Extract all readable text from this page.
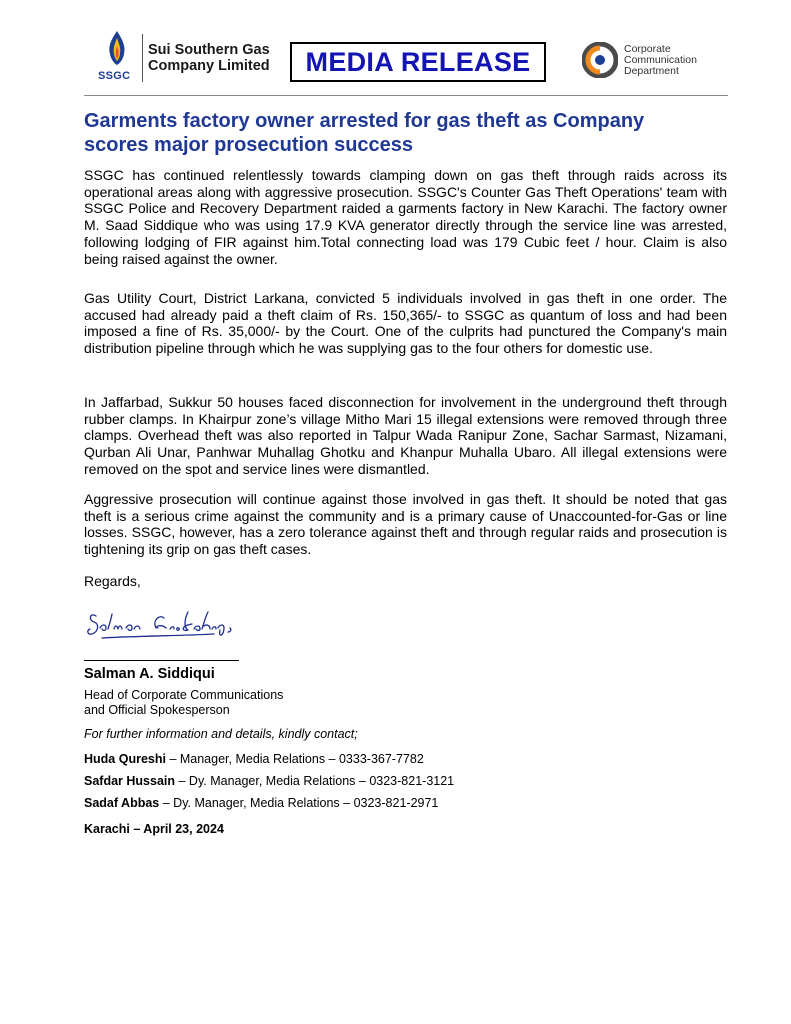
SSGC
Sui Southern Gas
Company Limited MEDIA RELEASE	Corporate
Communication
Department
Garments factory owner arrested for gas theft as Company scores major prosecution success

SSGC has continued relentlessly towards clamping down on gas theft through raids across its operational areas along with aggressive prosecution. SSGC's Counter Gas Theft Operations' team with SSGC Police and Recovery Department raided a garments factory in New Karachi. The factory owner M. Saad Siddique who was using 17.9 KVA generator directly through the service line was arrested, following lodging of FIR against him.Total connecting load was 179 Cubic feet / hour. Claim is also being raised against the owner.

Gas Utility Court, District Larkana, convicted 5 individuals involved in gas theft in one order. The accused had already paid a theft claim of Rs. 150,365/- to SSGC as quantum of loss and had been imposed a fine of Rs. 35,000/- by the Court. One of the culprits had punctured the Company's main distribution pipeline through which he was supplying gas to the four others for domestic use.

In Jaffarbad, Sukkur 50 houses faced disconnection for involvement in the underground theft through rubber clamps. In Khairpur zone’s village Mitho Mari 15 illegal extensions were removed through three clamps. Overhead theft was also reported in Talpur Wada Ranipur Zone, Sachar Sarmast, Nizamani, Qurban Ali Unar, Panhwar Muhallag Ghotku and Khanpur Muhalla Ubaro. All illegal extensions were removed on the spot and service lines were dismantled.

Aggressive prosecution will continue against those involved in gas theft. It should be noted that gas theft is a serious crime against the community and is a primary cause of Unaccounted-for-Gas or line losses. SSGC, however, has a zero tolerance against theft and through regular raids and prosecution is tightening its grip on gas theft cases.

Regards,
Salman A. Siddiqui
Head of Corporate Communications
and Official Spokesperson
For further information and details, kindly contact;
Huda Qureshi – Manager, Media Relations – 0333-367-7782
Safdar Hussain – Dy. Manager, Media Relations – 0323-821-3121
Sadaf Abbas – Dy. Manager, Media Relations – 0323-821-2971
Karachi – April 23, 2024
